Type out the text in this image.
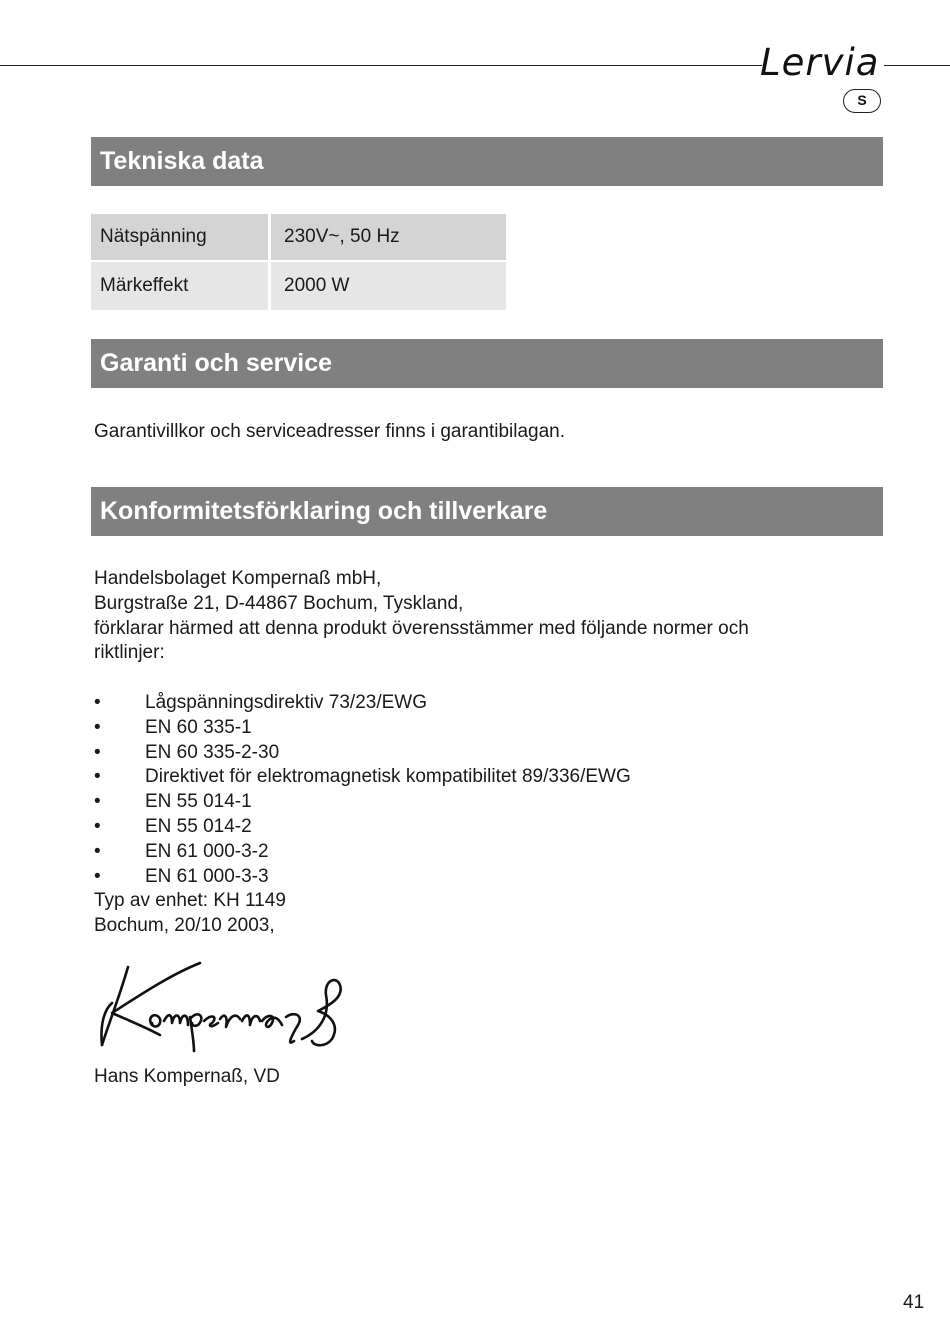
Lervia
S
Tekniska data
Nätspänning	230V~, 50 Hz
Märkeffekt	2000 W
Garanti och service
Garantivillkor och serviceadresser finns i garantibilagan.
Konformitetsförklaring och tillverkare
Handelsbolaget Kompernaß mbH,
Burgstraße 21, D-44867 Bochum, Tyskland,
förklarar härmed att denna produkt överensstämmer med följande normer och
riktlinjer:
•	Lågspänningsdirektiv 73/23/EWG
•	EN 60 335-1
•	EN 60 335-2-30
•	Direktivet för elektromagnetisk kompatibilitet 89/336/EWG
•	EN 55 014-1
•	EN 55 014-2
•	EN 61 000-3-2
•	EN 61 000-3-3
Typ av enhet: KH 1149
Bochum, 20/10 2003,
Hans Kompernaß, VD
41
